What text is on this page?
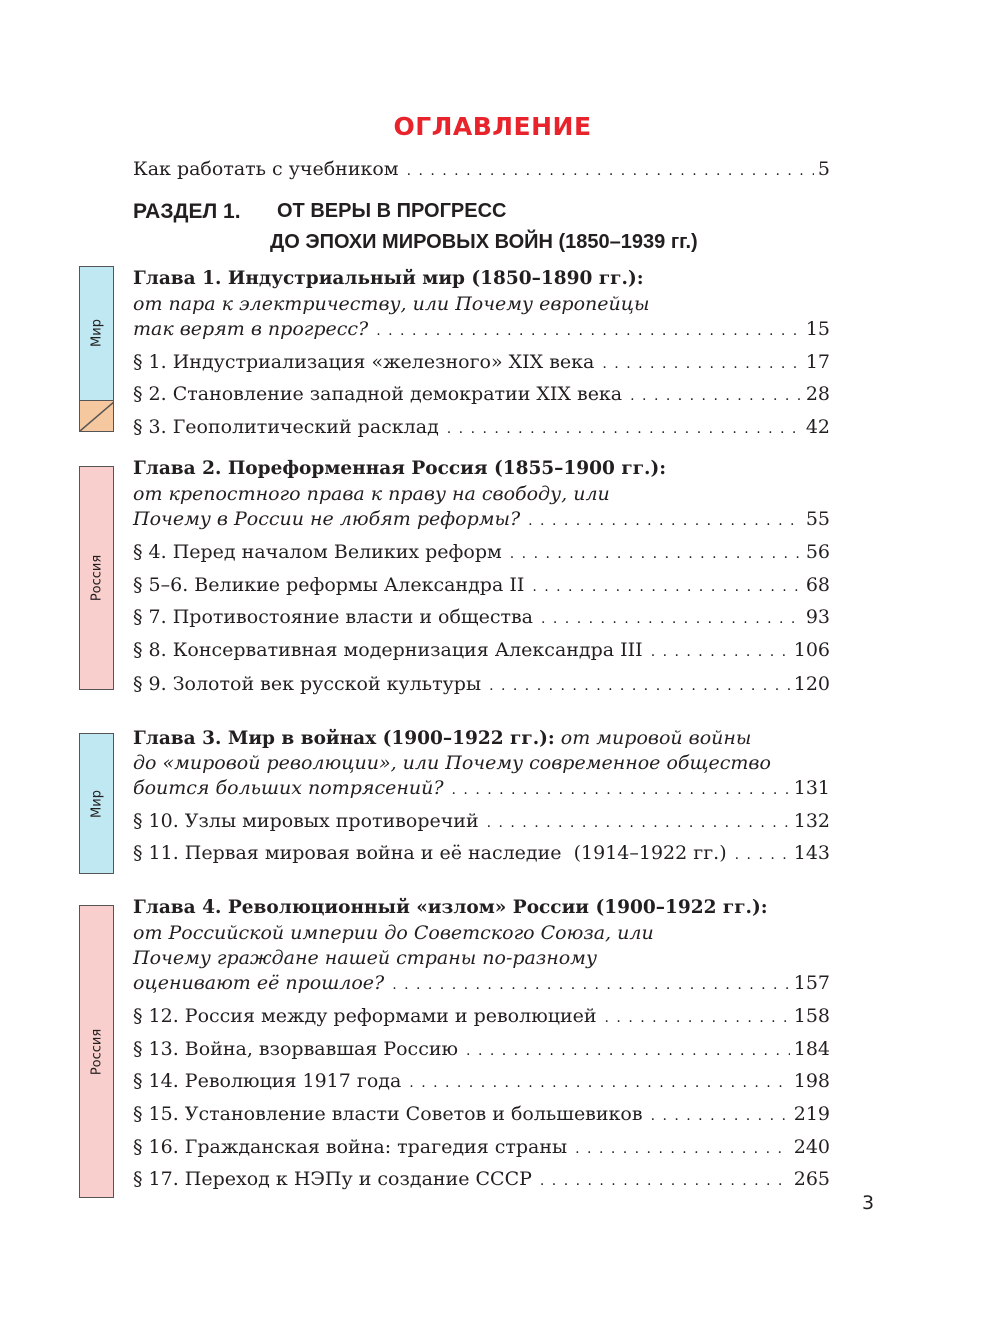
ОГЛАВЛЕНИЕ
Как работать с учебником . . .	5
РАЗДЕЛ 1. ОТ ВЕРЫ В ПРОГРЕСС
ДО ЭПОХИ МИРОВЫХ ВОЙН (1850–1939 гг.)
Мир
Россия
Мир
Россия
Глава 1. Индустриальный мир (1850–1890 гг.):
от пара к электричеству, или Почему европейцы
так верят в прогресс? . . .	15
§ 1. Индустриализация «железного» XIX века . . .	17
§ 2. Становление западной демократии XIX века . . .	28
§ 3. Геополитический расклад . . .	42
Глава 2. Пореформенная Россия (1855–1900 гг.):
от крепостного права к праву на свободу, или
Почему в России не любят реформы? . . .	55
§ 4. Перед началом Великих реформ . . .	56
§ 5–6. Великие реформы Александра II . . .	68
§ 7. Противостояние власти и общества . . .	93
§ 8. Консервативная модернизация Александра III . . .	106
§ 9. Золотой век русской культуры . . .	120
Глава 3. Мир в войнах (1900–1922 гг.): от мировой войны
до «мировой революции», или Почему современное общество
боится больших потрясений? . . .	131
§ 10. Узлы мировых противоречий . . .	132
§ 11. Первая мировая война и её наследие  (1914–1922 гг.) . . .	143
Глава 4. Революционный «излом» России (1900–1922 гг.):
от Российской империи до Советского Союза, или
Почему граждане нашей страны по-разному
оценивают её прошлое? . . .	157
§ 12. Россия между реформами и революцией . . .	158
§ 13. Война, взорвавшая Россию . . .	184
§ 14. Революция 1917 года . . .	198
§ 15. Установление власти Советов и большевиков . . .	219
§ 16. Гражданская война: трагедия страны . . .	240
§ 17. Переход к НЭПу и создание СССР . . .	265
3
